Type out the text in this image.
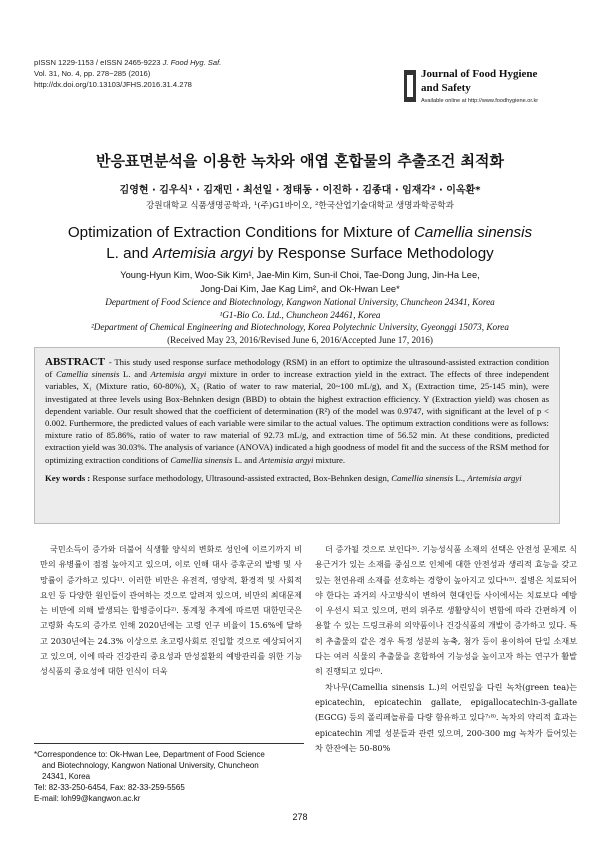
pISSN 1229-1153 / eISSN 2465-9223 J. Food Hyg. Saf.
Vol. 31, No. 4, pp. 278~285 (2016)
http://dx.doi.org/10.13103/JFHS.2016.31.4.278
Journal of Food Hygiene
and Safety
Available online at http://www.foodhygiene.or.kr
반응표면분석을 이용한 녹차와 애엽 혼합물의 추출조건 최적화
김영현 · 김우식¹ · 김재민 · 최선일 · 정태동 · 이진하 · 김종대 · 임재각² · 이옥환*
강원대학교 식품생명공학과, ¹(주)G1바이오, ²한국산업기술대학교 생명과학공학과
Optimization of Extraction Conditions for Mixture of Camellia sinensis
L. and Artemisia argyi by Response Surface Methodology
Young-Hyun Kim, Woo-Sik Kim¹, Jae-Min Kim, Sun-il Choi, Tae-Dong Jung, Jin-Ha Lee,
Jong-Dai Kim, Jae Kag Lim², and Ok-Hwan Lee*
Department of Food Science and Biotechnology, Kangwon National University, Chuncheon 24341, Korea
¹G1-Bio Co. Ltd., Chuncheon 24461, Korea
²Department of Chemical Engineering and Biotechnology, Korea Polytechnic University, Gyeonggi 15073, Korea
(Received May 23, 2016/Revised June 6, 2016/Accepted June 17, 2016)
ABSTRACT - This study used response surface methodology (RSM) in an effort to optimize the ultrasound-assisted extraction condition of Camellia sinensis L. and Artemisia argyi mixture in order to increase extraction yield in the extract. The effects of three independent variables, X₁ (Mixture ratio, 60-80%), X₂ (Ratio of water to raw material, 20~100 mL/g), and X₃ (Extraction time, 25-145 min), were investigated at three levels using Box-Behnken design (BBD) to obtain the highest extraction efficiency. Y (Extraction yield) was chosen as dependent variable. Our result showed that the coefficient of determination (R²) of the model was 0.9747, with significant at the level of p < 0.002. Furthermore, the predicted values of each variable were similar to the actual values. The optimum extraction conditions were as follows: mixture ratio of 85.86%, ratio of water to raw material of 92.73 mL/g, and extraction time of 56.52 min. At these conditions, predicted extraction yield was 30.03%. The analysis of variance (ANOVA) indicated a high goodness of model fit and the success of the RSM method for optimizing extraction conditions of Camellia sinensis L. and Artemisia argyi mixture.
Key words : Response surface methodology, Ultrasound-assisted extracted, Box-Behnken design, Camellia sinensis L., Artemisia argyi

국민소득이 증가와 더불어 식생활 양식의 변화로 성인에 이르기까지 비만의 유병률이 점점 높아지고 있으며, 이로 인해 대사 증후군의 발병 및 사망률이 증가하고 있다¹⁾. 이러한 비만은 유전적, 영양적, 환경적 및 사회적 요인 등 다양한 원인들이 관여하는 것으로 알려져 있으며, 비만의 최대문제는 비만에 의해 발생되는 합병증이다²⁾. 통계청 추계에 따르면 대한민국은 고령화 속도의 증가로 인해 2020년에는 고령 인구 비율이 15.6%에 달하고 2030년에는 24.3% 이상으로 초고령사회로 진입할 것으로 예상되어지고 있으며, 이에 따라 건강관리 중요성과 만성질환의 예방관리를 위한 기능성식품의 중요성에 대한 인식이 더욱

더 증가될 것으로 보인다³⁾. 기능성식품 소재의 선택은 안전성 문제로 식용근거가 있는 소재를 중심으로 인체에 대한 안전성과 생리적 효능을 갖고 있는 천연유래 소재를 선호하는 경향이 높아지고 있다⁴˒⁵⁾. 질병은 치료되어야 한다는 과거의 사고방식이 변하여 현대인들 사이에서는 치료보다 예방이 우선시 되고 있으며, 편의 위주로 생활양식이 변함에 따라 간편하게 이용할 수 있는 드링크류의 의약품이나 건강식품의 개발이 증가하고 있다. 특히 추출물의 같은 경우 특정 성분의 농축, 첨가 등이 용이하여 단일 소재보다는 여러 식물의 추출물을 혼합하여 기능성을 높이고자 하는 연구가 활발히 진행되고 있다⁶⁾.

차나무(Camellia sinensis L.)의 어린잎을 다린 녹차(green tea)는 epicatechin, epicatechin gallate, epigallocatechin-3-gallate (EGCG) 등의 폴리페놀류를 다량 함유하고 있다⁷˒⁸⁾. 녹차의 약리적 효과는 epicatechin 계열 성분들과 관련 있으며, 200-300 mg 녹차가 들어있는 차 한잔에는 50-80%

*Correspondence to: Ok-Hwan Lee, Department of Food Science
and Biotechnology, Kangwon National University, Chuncheon
24341, Korea
Tel: 82-33-250-6454, Fax: 82-33-259-5565
E-mail: loh99@kangwon.ac.kr
278
